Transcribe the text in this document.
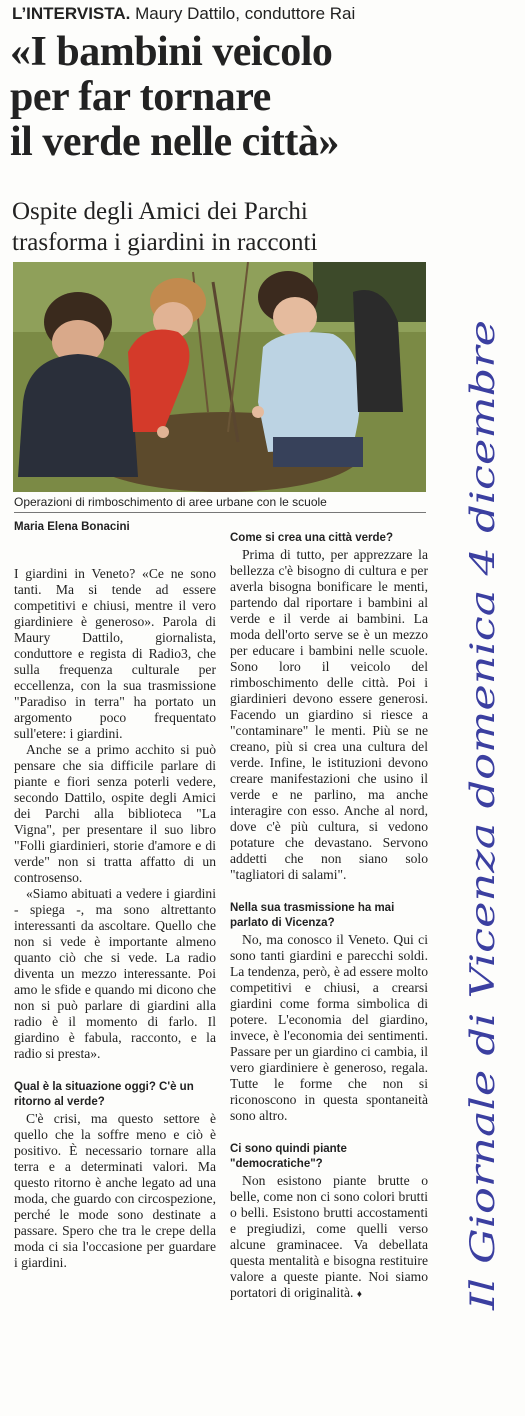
L’INTERVISTA. Maury Dattilo, conduttore Rai
«I bambini veicolo
per far tornare
il verde nelle città»
Ospite degli Amici dei Parchi
trasforma i giardini in racconti
Operazioni di rimboschimento di aree urbane con le scuole
Maria Elena Bonacini

I giardini in Veneto? «Ce ne sono tanti. Ma si tende ad essere competitivi e chiusi, mentre il vero giardiniere è generoso». Parola di Maury Dattilo, giornalista, conduttore e regista di Radio3, che sulla frequenza culturale per eccellenza, con la sua trasmissione "Paradiso in terra" ha portato un argomento poco frequentato sull'etere: i giardini.

Anche se a primo acchito si può pensare che sia difficile parlare di piante e fiori senza poterli vedere, secondo Dattilo, ospite degli Amici dei Parchi alla biblioteca "La Vigna", per presentare il suo libro "Folli giardinieri, storie d'amore e di verde" non si tratta affatto di un controsenso.

«Siamo abituati a vedere i giardini - spiega -, ma sono altrettanto interessanti da ascoltare. Quello che non si vede è importante almeno quanto ciò che si vede. La radio diventa un mezzo interessante. Poi amo le sfide e quando mi dicono che non si può parlare di giardini alla radio è il momento di farlo. Il giardino è fabula, racconto, e la radio si presta».

Qual è la situazione oggi? C'è un ritorno al verde?

C'è crisi, ma questo settore è quello che la soffre meno e ciò è positivo. È necessario tornare alla terra e a determinati valori. Ma questo ritorno è anche legato ad una moda, che guardo con circospezione, perché le mode sono destinate a passare. Spero che tra le crepe della moda ci sia l'occasione per guardare i giardini.

Come si crea una città verde?

Prima di tutto, per apprezzare la bellezza c'è bisogno di cultura e per averla bisogna bonificare le menti, partendo dal riportare i bambini al verde e il verde ai bambini. La moda dell'orto serve se è un mezzo per educare i bambini nelle scuole. Sono loro il veicolo del rimboschimento delle città. Poi i giardinieri devono essere generosi. Facendo un giardino si riesce a "contaminare" le menti. Più se ne creano, più si crea una cultura del verde. Infine, le istituzioni devono creare manifestazioni che usino il verde e ne parlino, ma anche interagire con esso. Anche al nord, dove c'è più cultura, si vedono potature che devastano. Servono addetti che non siano solo "tagliatori di salami".

Nella sua trasmissione ha mai parlato di Vicenza?

No, ma conosco il Veneto. Qui ci sono tanti giardini e parecchi soldi. La tendenza, però, è ad essere molto competitivi e chiusi, a crearsi giardini come forma simbolica di potere. L'economia del giardino, invece, è l'economia dei sentimenti. Passare per un giardino ci cambia, il vero giardiniere è generoso, regala. Tutte le forme che non si riconoscono in questa spontaneità sono altro.

Ci sono quindi piante "democratiche"?

Non esistono piante brutte o belle, come non ci sono colori brutti o belli. Esistono brutti accostamenti e pregiudizi, come quelli verso alcune graminacee. Va debellata questa mentalità e bisogna restituire valore a queste piante. Noi siamo portatori di originalità. ♦	Il Giornale di Vicenza domenica 4 dicembre
